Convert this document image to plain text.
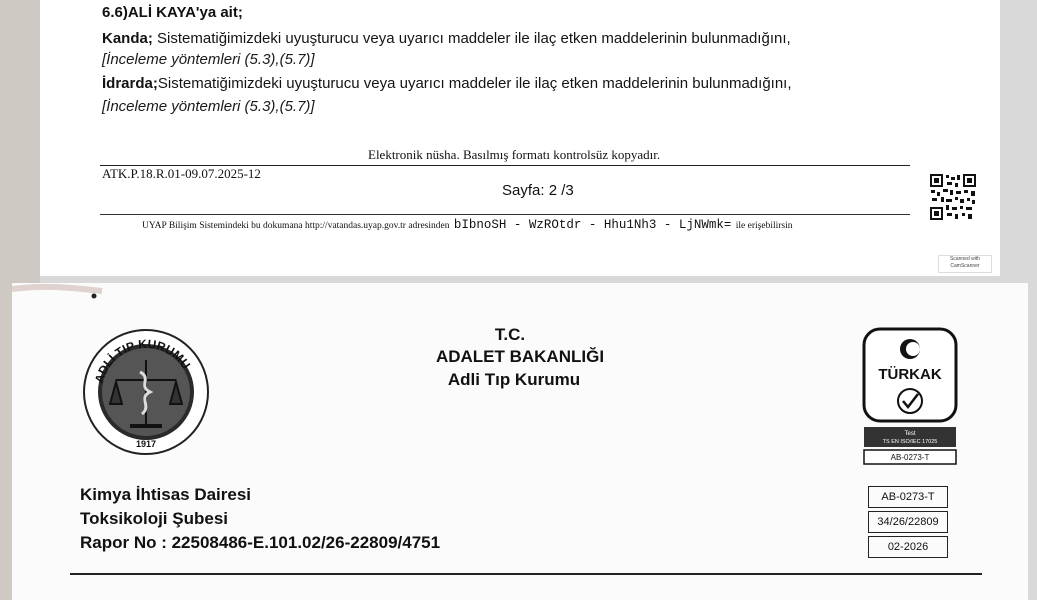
6.6)ALİ KAYA'ya ait;
Kanda; Sistematiğimizdeki uyuşturucu veya uyarıcı maddeler ile ilaç etken maddelerinin bulunmadığını,
[İnceleme yöntemleri (5.3),(5.7)]
İdrarda;Sistematiğimizdeki uyuşturucu veya uyarıcı maddeler ile ilaç etken maddelerinin bulunmadığını,
[İnceleme yöntemleri (5.3),(5.7)]
Elektronik nüsha. Basılmış formatı kontrolsüz kopyadır.
ATK.P.18.R.01-09.07.2025-12
Sayfa: 2 /3
UYAP Bilişim Sistemindeki bu dokumana http://vatandas.uyap.gov.tr adresinden bIbnoSH - WzROtdr - Hhu1Nh3 - LjNWmk= ile erişebilirsin
Scanned with CamScanner
ADLİ TIP KURUMU
1917
T.C.
ADALET BAKANLIĞI
Adli Tıp Kurumu	TÜRKAK
Test
TS EN ISO/IEC 17025
AB-0273-T
Kimya İhtisas Dairesi
Toksikoloji Şubesi
Rapor No : 22508486-E.101.02/26-22809/4751
AB-0273-T
34/26/22809
02-2026
